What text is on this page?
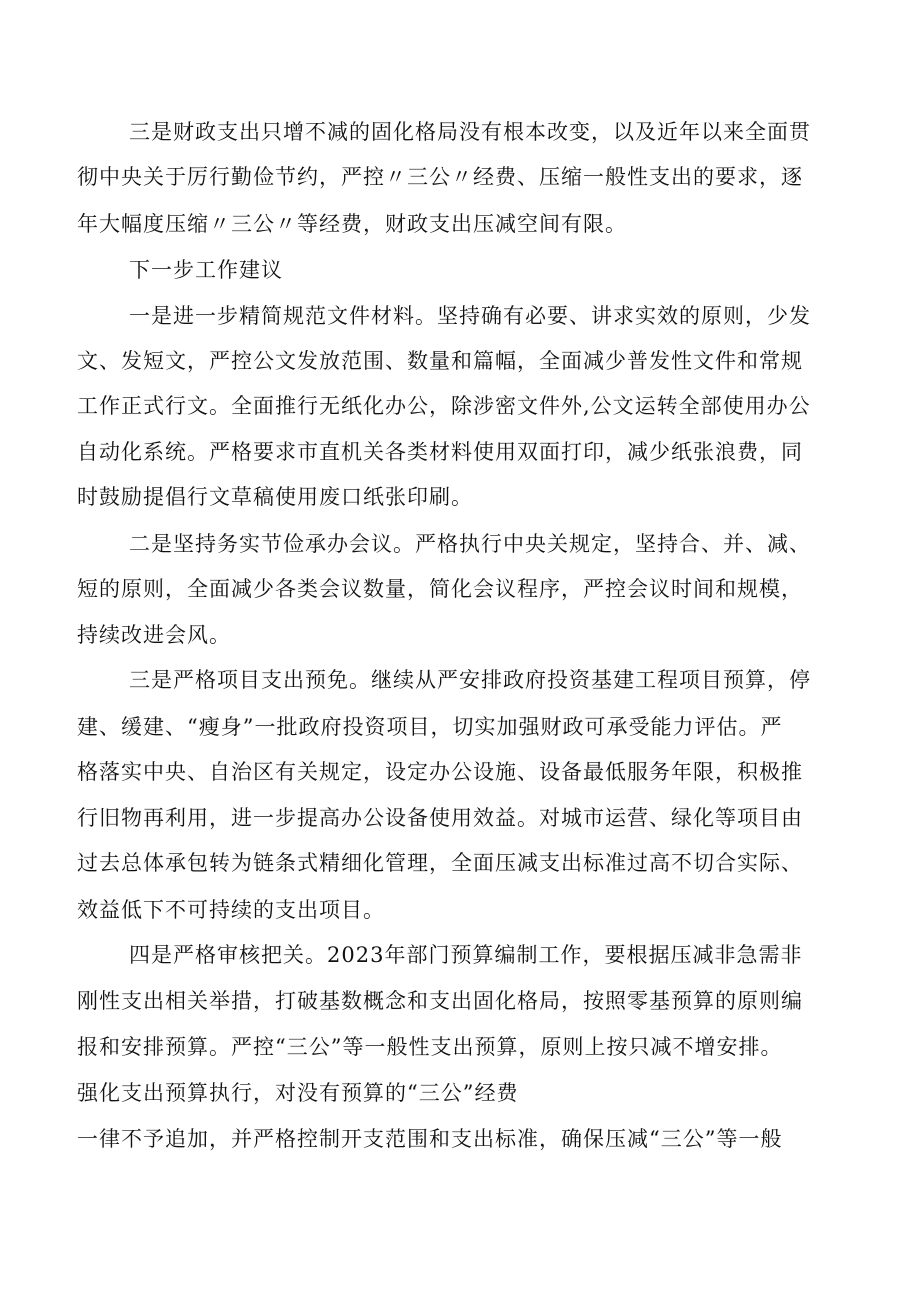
三是财政支出只增不减的固化格局没有根本改变，以及近年以来全面贯
彻中央关于厉行勤俭节约，严控〃三公〃经费、压缩一般性支出的要求，逐
年大幅度压缩〃三公〃等经费，财政支出压减空间有限。
下一步工作建议
一是进一步精简规范文件材料。坚持确有必要、讲求实效的原则，少发
文、发短文，严控公文发放范围、数量和篇幅，全面减少普发性文件和常规
工作正式行文。全面推行无纸化办公，除涉密文件外,公文运转全部使用办公
自动化系统。严格要求市直机关各类材料使用双面打印，减少纸张浪费，同
时鼓励提倡行文草稿使用废口纸张印刷。
二是坚持务实节俭承办会议。严格执行中央关规定，坚持合、并、减、
短的原则，全面减少各类会议数量，简化会议程序，严控会议时间和规模，
持续改进会风。
三是严格项目支出预免。继续从严安排政府投资基建工程项目预算，停
建、缓建、“瘦身”一批政府投资项目，切实加强财政可承受能力评估。严
格落实中央、自治区有关规定，设定办公设施、设备最低服务年限，积极推
行旧物再利用，进一步提高办公设备使用效益。对城市运营、绿化等项目由
过去总体承包转为链条式精细化管理，全面压减支出标准过高不切合实际、
效益低下不可持续的支出项目。
四是严格审核把关。2023年部门预算编制工作，要根据压减非急需非
刚性支出相关举措，打破基数概念和支出固化格局，按照零基预算的原则编
报和安排预算。严控“三公”等一般性支出预算，原则上按只减不增安排。
强化支出预算执行，对没有预算的“三公”经费
一律不予追加，并严格控制开支范围和支出标准，确保压减“三公”等一般
